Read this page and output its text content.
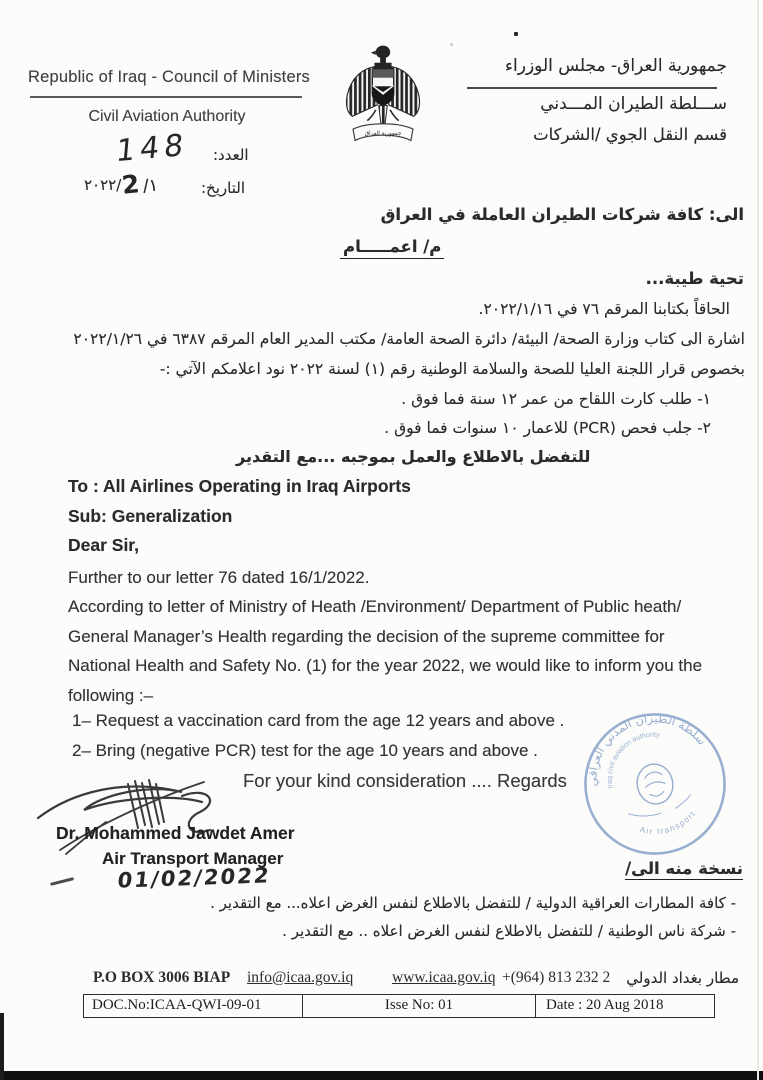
Republic of Iraq - Council of Ministers
Civil Aviation Authority
148 العدد:
٢٠٢٢/ 2 /١	التاريخ:
جمهورية العراق
جمهورية العراق- مجلس الوزراء
ســـلطة الطيران المـــدني
قسم النقل الجوي /الشركات
الى: كافة شركات الطيران العاملة في العراق
م/ اعمـــــام
تحية طيبة...
الحاقاً بكتابنا المرقم ٧٦ في ٢٠٢٢/١/١٦.
اشارة الى كتاب وزارة الصحة/ البيئة/ دائرة الصحة العامة/ مكتب المدير العام المرقم ٦٣٨٧ في ٢٠٢٢/١/٢٦
بخصوص قرار اللجنة العليا للصحة والسلامة الوطنية رقم (١) لسنة ٢٠٢٢ نود اعلامكم الآتي :-
١- طلب كارت اللقاح من عمر ١٢ سنة فما فوق .
٢- جلب فحص (PCR) للاعمار ١٠ سنوات فما فوق .
للتفضل بالاطلاع والعمل بموجبه ...مع التقدير
To : All Airlines Operating in Iraq Airports
Sub: Generalization
Dear Sir,
Further to our letter 76 dated 16/1/2022.
According to letter of Ministry of Heath /Environment/ Department of Public heath/
General Manager’s Health regarding the decision of the supreme committee for
National Health and Safety No. (1) for the year 2022, we would like to inform you the
following :–
1– Request a vaccination card from the age 12 years and above .
2– Bring (negative PCR) test for the age 10 years and above .
For your kind consideration .... Regards
Dr. Mohammed Jawdet Amer
Air Transport Manager
01/02/2022
سلطة الطيران المدني العراقي
Iraq civil aviation authority
Air transport
نسخة منه الى/
- كافة المطارات العراقية الدولية / للتفضل بالاطلاع لنفس الغرض اعلاه... مع التقدير .
- شركة ناس الوطنية / للتفضل بالاطلاع لنفس الغرض اعلاه .. مع التقدير .
P.O BOX 3006 BIAP info@icaa.gov.iq	www.icaa.gov.iq +(964) 813 232 2 مطار بغداد الدولي
DOC.No:ICAA-QWI-09-01	Isse No: 01	Date : 20 Aug 2018
